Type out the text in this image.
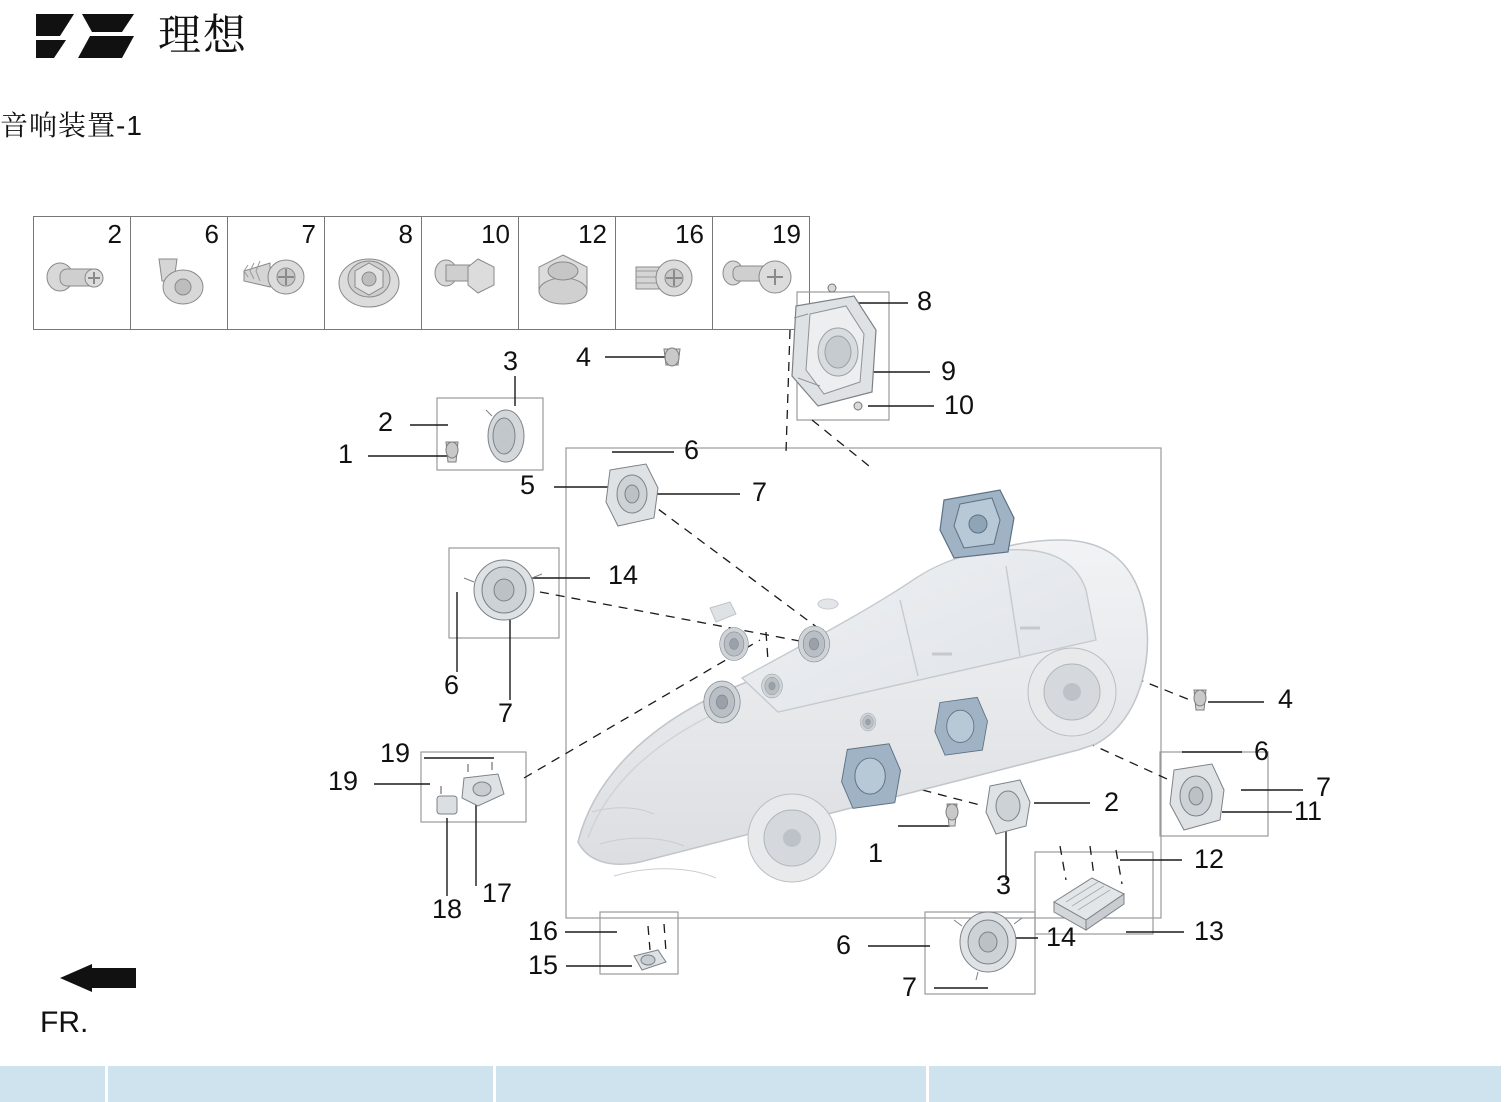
理想
音响装置-1
2	6	7	8	10	12	16	19
4
3
2
1
8
9
10
6
5	7
14
6
7
19
19
18
17
16
15
1
3
2
4
6
7
11
12
13
6
7
14
FR.
